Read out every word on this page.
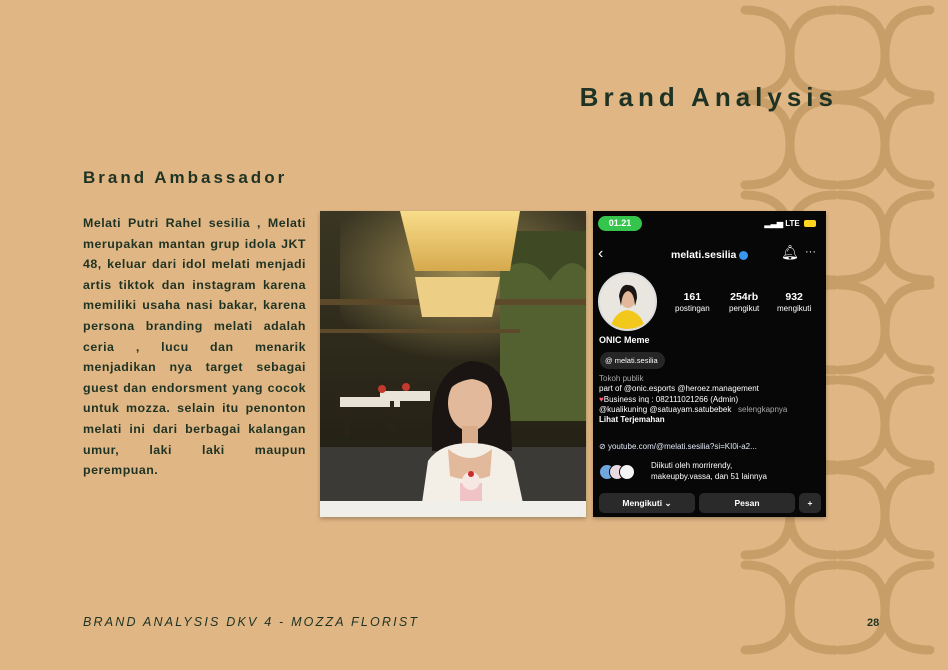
Brand Analysis
Brand Ambassador

Melati Putri Rahel sesilia , Melati merupakan mantan grup idola JKT 48, keluar dari idol melati menjadi artis tiktok dan instagram karena memiliki usaha nasi bakar, karena persona branding melati adalah ceria , lucu dan menarik menjadikan nya target sebagai guest dan endorsment yang cocok untuk mozza. selain itu penonton melati ini dari berbagai kalangan umur, laki laki maupun perempuan.

01.21	▂▃▅ LTE
‹	melati.sesilia	🔔︎ ···
161
postingan
254rb
pengikut
932
mengikuti
ONIC Meme
@ melati.sesilia
Tokoh publik
part of @onic.esports @heroez.management
♥Business inq : 082111021266 (Admin)
@kualikuning @satuayam.satubebek selengkapnya
Lihat Terjemahan
⊘ youtube.com/@melati.sesilia?si=KI0i-a2...
Diikuti oleh morrirendy,
makeupby.vassa, dan 51 lainnya
Mengikuti ⌄	Pesan	+
BRAND ANALYSIS DKV 4 - MOZZA FLORIST	28
